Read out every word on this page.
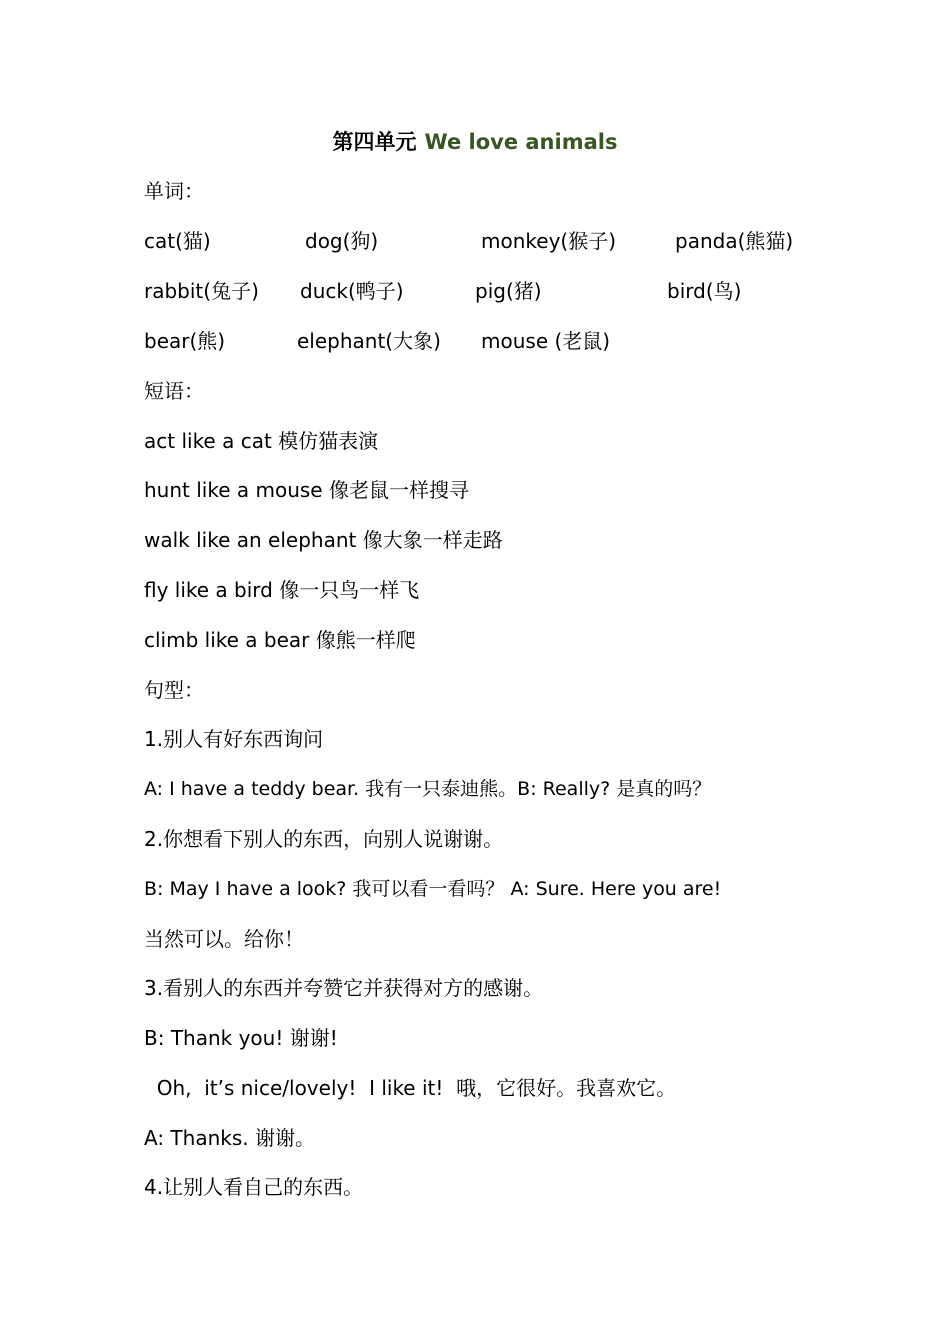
第四单元 We love animals
单词：
cat(猫)	dog(狗)	monkey(猴子)	panda(熊猫)
rabbit(兔子) duck(鸭子)	pig(猪)	bird(鸟)
bear(熊)	elephant(大象) mouse (老鼠)
短语：
act like a cat 模仿猫表演
hunt like a mouse 像老鼠一样搜寻
walk like an elephant 像大象一样走路
fly like a bird 像一只鸟一样飞
climb like a bear 像熊一样爬
句型：
1.别人有好东西询问
A: I have a teddy bear. 我有一只泰迪熊。B: Really? 是真的吗？
2.你想看下别人的东西，向别人说谢谢。
B: May I have a look? 我可以看一看吗？ A: Sure. Here you are!
当然可以。给你！
3.看别人的东西并夸赞它并获得对方的感谢。
B: Thank you! 谢谢!
Oh,  it’s nice/lovely!  I like it!  哦，它很好。我喜欢它。
A: Thanks. 谢谢。
4.让别人看自己的东西。
